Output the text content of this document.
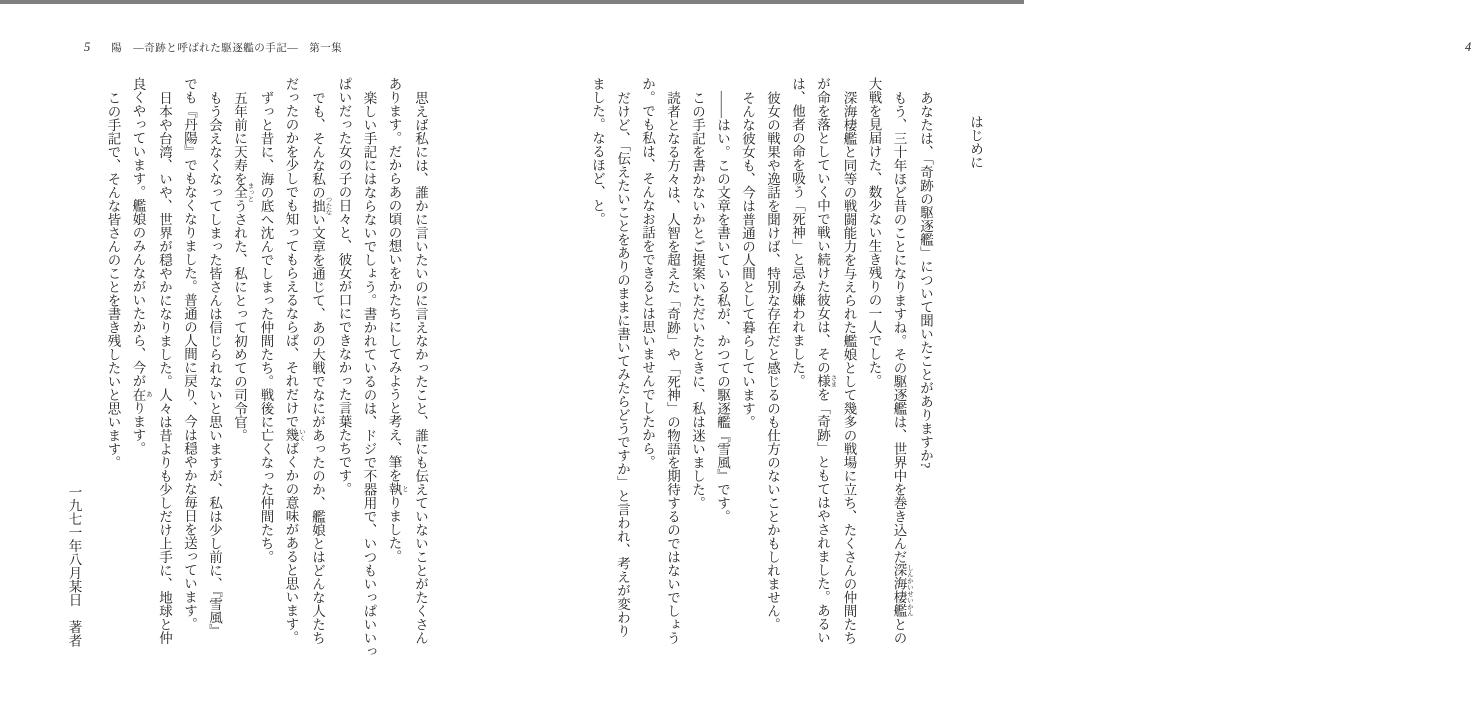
5 陽　―奇跡と呼ばれた駆逐艦の手記―　第一集
思えば私には、誰かに言いたいのに言えなかったこと、誰にも伝えていないことがたくさん
あります。だからあの頃の想いをかたちにしてみようと考え、筆を執 とりました。
楽しい手記にはならないでしょう。書かれているのは、ドジで不器用で、いつもいっぱいいっ
ぱいだった女の子の日々と、彼女が口にできなかった言葉たちです。
でも、そんな私の拙 つたない文章を通じて、あの大戦でなにがあったのか、艦娘とはどんな人たち
だったのかを少しでも知ってもらえるならば、それだけで幾 いくばくかの意味があると思います。
ずっと昔に、海の底へ沈んでしまった仲間たち。戦後に亡くなった仲間たち。
五年前に天寿を全 まっとうされた、私にとって初めての司令官。
もう会えなくなってしまった皆さんは信じられないと思いますが、私は少し前に、『雪風』
でも『丹陽』でもなくなりました。普通の人間に戻り、今は穏やかな毎日を送っています。
日本や台湾、いや、世界が穏やかになりました。人々は昔よりも少しだけ上手に、地球と仲
良くやっています。艦娘のみんながいたから、今が在 あります。
この手記で、そんな皆さんのことを書き残したいと思います。
一九七一年八月某日　著者
4
はじめに
あなたは、「奇跡の駆逐艦」について聞いたことがありますか?
もう、三十年ほど昔のことになりますね。その駆逐艦は、世界中を巻き込んだ深海棲艦 しんかいせいかんとの
大戦を見届けた、数少ない生き残りの一人でした。
深海棲艦と同等の戦闘能力を与えられた艦娘として幾多の戦場に立ち、たくさんの仲間たち
が命を落としていく中で戦い続けた彼女は、その様 さまを「奇跡」ともてはやされました。あるい
は、他者の命を吸う「死神」と忌み嫌われました。
彼女の戦果や逸話を聞けば、特別な存在だと感じるのも仕方のないことかもしれません。
そんな彼女も、今は普通の人間として暮らしています。
――はい。この文章を書いている私が、かつての駆逐艦『雪風』です。
この手記を書かないかとご提案いただいたときに、私は迷いました。
読者となる方々は、人智を超えた「奇跡」や「死神」の物語を期待するのではないでしょう
か。でも私は、そんなお話をできるとは思いませんでしたから。
だけど、「伝えたいことをありのままに書いてみたらどうですか」と言われ、考えが変わり
ました。なるほど、と。
